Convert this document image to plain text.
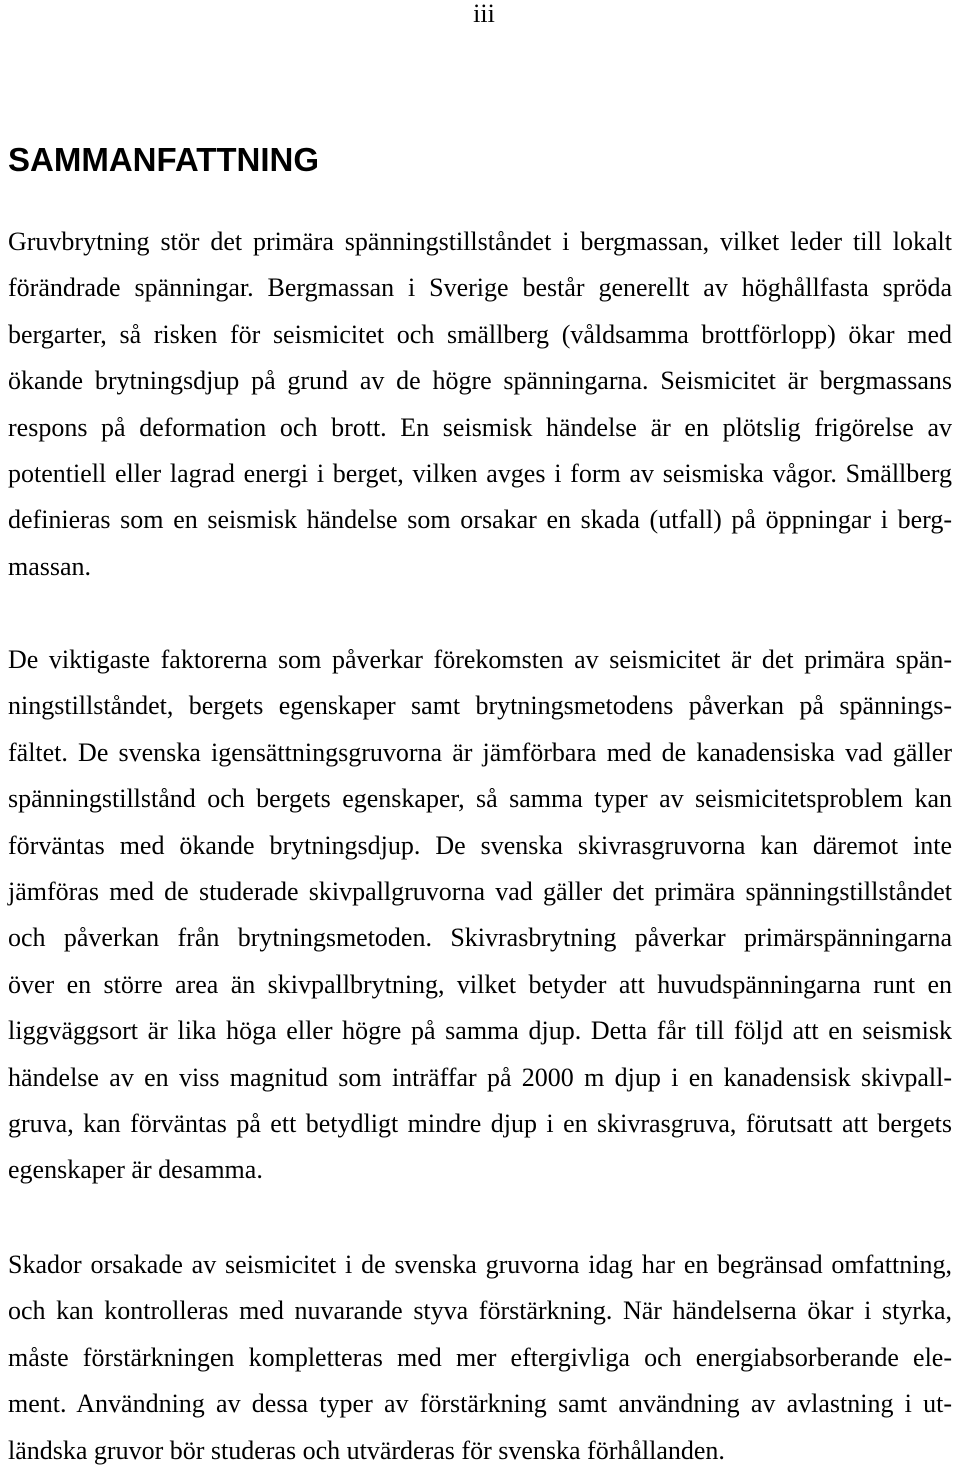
iii
SAMMANFATTNING
Gruvbrytning stör det primära spänningstillståndet i bergmassan, vilket leder till lokalt
förändrade spänningar. Bergmassan i Sverige består generellt av höghållfasta spröda
bergarter, så risken för seismicitet och smällberg (våldsamma brottförlopp) ökar med
ökande brytningsdjup på grund av de högre spänningarna. Seismicitet är bergmassans
respons på deformation och brott. En seismisk händelse är en plötslig frigörelse av
potentiell eller lagrad energi i berget, vilken avges i form av seismiska vågor. Smällberg
definieras som en seismisk händelse som orsakar en skada (utfall) på öppningar i berg-
massan.
De viktigaste faktorerna som påverkar förekomsten av seismicitet är det primära spän-
ningstillståndet, bergets egenskaper samt brytningsmetodens påverkan på spännings-
fältet. De svenska igensättningsgruvorna är jämförbara med de kanadensiska vad gäller
spänningstillstånd och bergets egenskaper, så samma typer av seismicitetsproblem kan
förväntas med ökande brytningsdjup. De svenska skivrasgruvorna kan däremot inte
jämföras med de studerade skivpallgruvorna vad gäller det primära spänningstillståndet
och påverkan från brytningsmetoden. Skivrasbrytning påverkar primärspänningarna
över en större area än skivpallbrytning, vilket betyder att huvudspänningarna runt en
liggväggsort är lika höga eller högre på samma djup. Detta får till följd att en seismisk
händelse av en viss magnitud som inträffar på 2000 m djup i en kanadensisk skivpall-
gruva, kan förväntas på ett betydligt mindre djup i en skivrasgruva, förutsatt att bergets
egenskaper är desamma.
Skador orsakade av seismicitet i de svenska gruvorna idag har en begränsad omfattning,
och kan kontrolleras med nuvarande styva förstärkning. När händelserna ökar i styrka,
måste förstärkningen kompletteras med mer eftergivliga och energiabsorberande ele-
ment. Användning av dessa typer av förstärkning samt användning av avlastning i ut-
ländska gruvor bör studeras och utvärderas för svenska förhållanden.
